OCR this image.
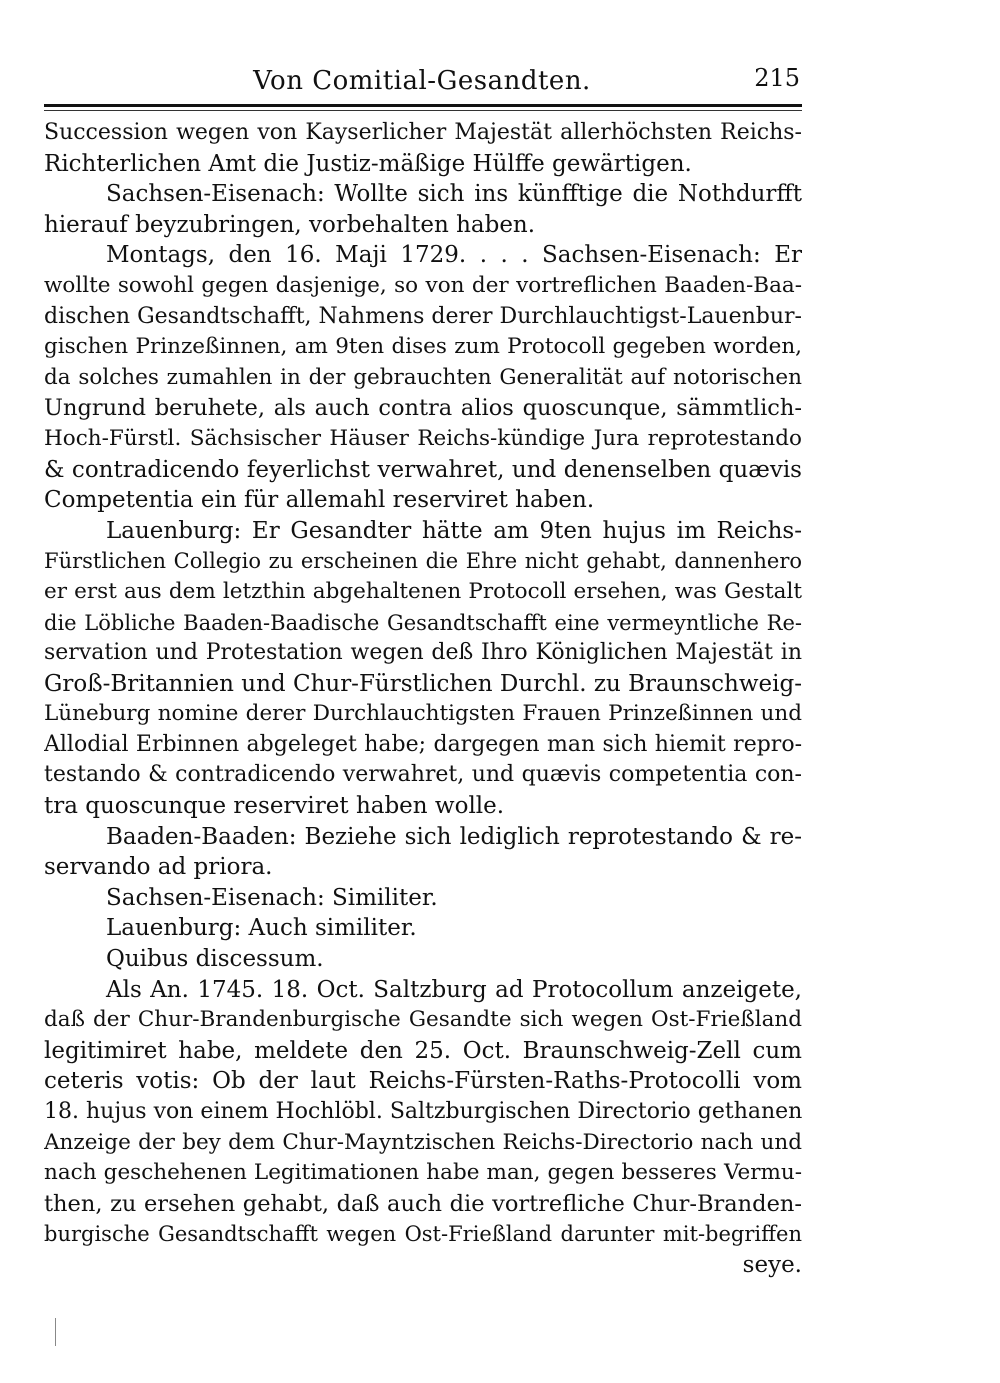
Von Comitial-Gesandten.	215
Succession wegen von Kayserlicher Majestät allerhöchsten Reichs-
Richterlichen Amt die Justiz-mäßige Hülffe gewärtigen.
Sachsen-Eisenach: Wollte sich ins künfftige die Nothdurfft
hierauf beyzubringen, vorbehalten haben.
Montags, den 16. Maji 1729. . . . Sachsen-Eisenach: Er
wollte sowohl gegen dasjenige, so von der vortreflichen Baaden-Baa-
dischen Gesandtschafft, Nahmens derer Durchlauchtigst-Lauenbur-
gischen Prinzeßinnen, am 9ten dises zum Protocoll gegeben worden,
da solches zumahlen in der gebrauchten Generalität auf notorischen
Ungrund beruhete, als auch contra alios quoscunque, sämmtlich-
Hoch-Fürstl. Sächsischer Häuser Reichs-kündige Jura reprotestando
& contradicendo feyerlichst verwahret, und denenselben quævis
Competentia ein für allemahl reserviret haben.
Lauenburg: Er Gesandter hätte am 9ten hujus im Reichs-
Fürstlichen Collegio zu erscheinen die Ehre nicht gehabt, dannenhero
er erst aus dem letzthin abgehaltenen Protocoll ersehen, was Gestalt
die Löbliche Baaden-Baadische Gesandtschafft eine vermeyntliche Re-
servation und Protestation wegen deß Ihro Königlichen Majestät in
Groß-Britannien und Chur-Fürstlichen Durchl. zu Braunschweig-
Lüneburg nomine derer Durchlauchtigsten Frauen Prinzeßinnen und
Allodial Erbinnen abgeleget habe; dargegen man sich hiemit repro-
testando & contradicendo verwahret, und quævis competentia con-
tra quoscunque reserviret haben wolle.
Baaden-Baaden: Beziehe sich lediglich reprotestando & re-
servando ad priora.
Sachsen-Eisenach: Similiter.
Lauenburg: Auch similiter.
Quibus discessum.
Als An. 1745. 18. Oct. Saltzburg ad Protocollum anzeigete,
daß der Chur-Brandenburgische Gesandte sich wegen Ost-Frießland
legitimiret habe, meldete den 25. Oct. Braunschweig-Zell cum
ceteris votis: Ob der laut Reichs-Fürsten-Raths-Protocolli vom
18. hujus von einem Hochlöbl. Saltzburgischen Directorio gethanen
Anzeige der bey dem Chur-Mayntzischen Reichs-Directorio nach und
nach geschehenen Legitimationen habe man, gegen besseres Vermu-
then, zu ersehen gehabt, daß auch die vortrefliche Chur-Branden-
burgische Gesandtschafft wegen Ost-Frießland darunter mit-begriffen
seye.
